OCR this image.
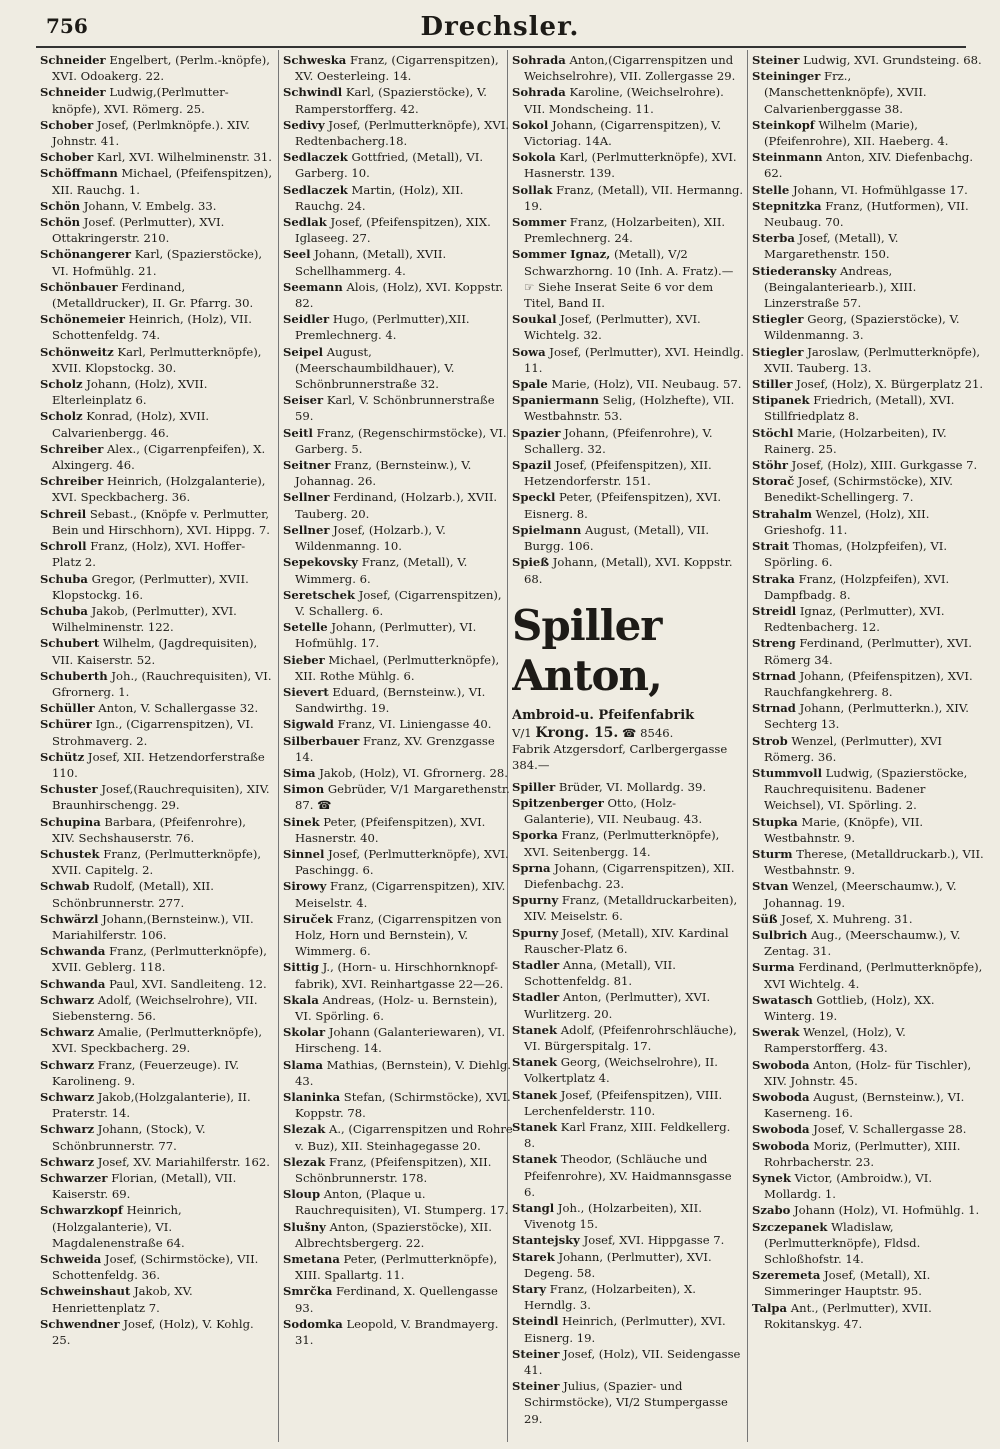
756	Drechsler.

Schneider Engelbert, (Perlm.-knöpfe), XVI. Odoakerg. 22.

Schneider Ludwig,(Perlmutter-knöpfe), XVI. Römerg. 25.

Schober Josef, (Perlmknöpfe.). XIV. Johnstr. 41.

Schober Karl, XVI. Wilhelminenstr. 31.

Schöffmann Michael, (Pfeifenspitzen), XII. Rauchg. 1.

Schön Johann, V. Embelg. 33.

Schön Josef. (Perlmutter), XVI. Ottakringerstr. 210.

Schönangerer Karl, (Spazierstöcke), VI. Hofmühlg. 21.

Schönbauer Ferdinand,(Metalldrucker), II. Gr. Pfarrg. 30.

Schönemeier Heinrich, (Holz), VII. Schottenfeldg. 74.

Schönweitz Karl, Perlmutterknöpfe), XVII. Klopstockg. 30.

Scholz Johann, (Holz), XVII. Elterleinplatz 6.

Scholz Konrad, (Holz), XVII. Calvarienbergg. 46.

Schreiber Alex., (Cigarrenpfeifen), X. Alxingerg. 46.

Schreiber Heinrich, (Holzgalanterie), XVI. Speckbacherg. 36.

Schreil Sebast., (Knöpfe v. Perlmutter, Bein und Hirschhorn), XVI. Hippg. 7.

Schroll Franz, (Holz), XVI. Hoffer-Platz 2.

Schuba Gregor, (Perlmutter), XVII. Klopstockg. 16.

Schuba Jakob, (Perlmutter), XVI. Wilhelminenstr. 122.

Schubert Wilhelm, (Jagdrequisiten), VII. Kaiserstr. 52.

Schuberth Joh., (Rauchrequisiten), VI. Gfrornerg. 1.

Schüller Anton, V. Schallergasse 32.

Schürer Ign., (Cigarrenspitzen), VI. Strohmaverg. 2.

Schütz Josef, XII. Hetzendorferstraße 110.

Schuster Josef,(Rauchrequisiten), XIV. Braunhirschengg. 29.

Schupina Barbara, (Pfeifenrohre), XIV. Sechshauserstr. 76.

Schustek Franz, (Perlmutterknöpfe), XVII. Capitelg. 2.

Schwab Rudolf, (Metall), XII. Schönbrunnerstr. 277.

Schwärzl Johann,(Bernsteinw.), VII. Mariahilferstr. 106.

Schwanda Franz, (Perlmutterknöpfe), XVII. Geblerg. 118.

Schwanda Paul, XVI. Sandleiteng. 12.

Schwarz Adolf, (Weichselrohre), VII. Siebensterng. 56.

Schwarz Amalie, (Perlmutterknöpfe), XVI. Speckbacherg. 29.

Schwarz Franz, (Feuerzeuge). IV. Karolineng. 9.

Schwarz Jakob,(Holzgalanterie), II. Praterstr. 14.

Schwarz Johann, (Stock), V. Schönbrunnerstr. 77.

Schwarz Josef, XV. Mariahilferstr. 162.

Schwarzer Florian, (Metall), VII. Kaiserstr. 69.

Schwarzkopf Heinrich, (Holzgalanterie), VI. Magdalenenstraße 64.

Schweida Josef, (Schirmstöcke), VII. Schottenfeldg. 36.

Schweinshaut Jakob, XV. Henriettenplatz 7.

Schwendner Josef, (Holz), V. Kohlg. 25.

Schweska Franz, (Cigarrenspitzen), XV. Oesterleing. 14.

Schwindl Karl, (Spazierstöcke), V. Ramperstorfferg. 42.

Sedivy Josef, (Perlmutterknöpfe), XVI. Redtenbacherg.18.

Sedlaczek Gottfried, (Metall), VI. Garberg. 10.

Sedlaczek Martin, (Holz), XII. Rauchg. 24.

Sedlak Josef, (Pfeifenspitzen), XIX. Iglaseeg. 27.

Seel Johann, (Metall), XVII. Schellhammerg. 4.

Seemann Alois, (Holz), XVI. Koppstr. 82.

Seidler Hugo, (Perlmutter),XII. Premlechnerg. 4.

Seipel August, (Meerschaumbildhauer), V. Schönbrunnerstraße 32.

Seiser Karl, V. Schönbrunnerstraße 59.

Seitl Franz, (Regenschirmstöcke), VI. Garberg. 5.

Seitner Franz, (Bernsteinw.), V. Johannag. 26.

Sellner Ferdinand, (Holzarb.), XVII. Tauberg. 20.

Sellner Josef, (Holzarb.), V. Wildenmanng. 10.

Sepekovsky Franz, (Metall), V. Wimmerg. 6.

Seretschek Josef, (Cigarrenspitzen), V. Schallerg. 6.

Setelle Johann, (Perlmutter), VI. Hofmühlg. 17.

Sieber Michael, (Perlmutterknöpfe), XII. Rothe Mühlg. 6.

Sievert Eduard, (Bernsteinw.), VI. Sandwirthg. 19.

Sigwald Franz, VI. Liniengasse 40.

Silberbauer Franz, XV. Grenzgasse 14.

Sima Jakob, (Holz), VI. Gfrornerg. 28.

Simon Gebrüder, V/1 Margarethenstr. 87. ☎

Sinek Peter, (Pfeifenspitzen), XVI. Hasnerstr. 40.

Sinnel Josef, (Perlmutterknöpfe), XVI. Paschingg. 6.

Sirowy Franz, (Cigarrenspitzen), XIV. Meiselstr. 4.

Siruček Franz, (Cigarrenspitzen von Holz, Horn und Bernstein), V. Wimmerg. 6.

Sittig J., (Horn- u. Hirschhornknopf-fabrik), XVI. Reinhartgasse 22—26.

Skala Andreas, (Holz- u. Bernstein), VI. Spörling. 6.

Skolar Johann (Galanteriewaren), VI. Hirscheng. 14.

Slama Mathias, (Bernstein), V. Diehlg. 43.

Slaninka Stefan, (Schirmstöcke), XVI. Koppstr. 78.

Slezak A., (Cigarrenspitzen und Rohre v. Buz), XII. Steinhagegasse 20.

Slezak Franz, (Pfeifenspitzen), XII. Schönbrunnerstr. 178.

Sloup Anton, (Plaque u. Rauchrequisiten), VI. Stumperg. 17.

Slušny Anton, (Spazierstöcke), XII. Albrechtsbergerg. 22.

Smetana Peter, (Perlmutterknöpfe), XIII. Spallartg. 11.

Smrčka Ferdinand, X. Quellengasse 93.

Sodomka Leopold, V. Brandmayerg. 31.

Sohrada Anton,(Cigarrenspitzen und Weichselrohre), VII. Zollergasse 29.

Sohrada Karoline, (Weichselrohre). VII. Mondscheing. 11.

Sokol Johann, (Cigarrenspitzen), V. Victoriag. 14A.

Sokola Karl, (Perlmutterknöpfe), XVI. Hasnerstr. 139.

Sollak Franz, (Metall), VII. Hermanng. 19.

Sommer Franz, (Holzarbeiten), XII. Premlechnerg. 24.

Sommer Ignaz, (Metall), V/2 Schwarzhorng. 10 (Inh. A. Fratz).— ☞ Siehe Inserat Seite 6 vor dem Titel, Band II.

Soukal Josef, (Perlmutter), XVI. Wichtelg. 32.

Sowa Josef, (Perlmutter), XVI. Heindlg. 11.

Spale Marie, (Holz), VII. Neubaug. 57.

Spaniermann Selig, (Holzhefte), VII. Westbahnstr. 53.

Spazier Johann, (Pfeifenrohre), V. Schallerg. 32.

Spazil Josef, (Pfeifenspitzen), XII. Hetzendorferstr. 151.

Speckl Peter, (Pfeifenspitzen), XVI. Eisnerg. 8.

Spielmann August, (Metall), VII. Burgg. 106.

Spieß Johann, (Metall), XVI. Koppstr. 68.

Spiller Anton,
Ambroid-u. Pfeifenfabrik
V/1 Krong. 15. ☎ 8546.
Fabrik Atzgersdorf, Carlbergergasse 384.—

Spiller Brüder, VI. Mollardg. 39.

Spitzenberger Otto, (Holz-Galanterie), VII. Neubaug. 43.

Sporka Franz, (Perlmutterknöpfe), XVI. Seitenbergg. 14.

Sprna Johann, (Cigarrenspitzen), XII. Diefenbachg. 23.

Spurny Franz, (Metalldruckarbeiten), XIV. Meiselstr. 6.

Spurny Josef, (Metall), XIV. Kardinal Rauscher-Platz 6.

Stadler Anna, (Metall), VII. Schottenfeldg. 81.

Stadler Anton, (Perlmutter), XVI. Wurlitzerg. 20.

Stanek Adolf, (Pfeifenrohrschläuche), VI. Bürgerspitalg. 17.

Stanek Georg, (Weichselrohre), II. Volkertplatz 4.

Stanek Josef, (Pfeifenspitzen), VIII. Lerchenfelderstr. 110.

Stanek Karl Franz, XIII. Feldkellerg. 8.

Stanek Theodor, (Schläuche und Pfeifenrohre), XV. Haidmannsgasse 6.

Stangl Joh., (Holzarbeiten), XII. Vivenotg 15.

Stantejsky Josef, XVI. Hippgasse 7.

Starek Johann, (Perlmutter), XVI. Degeng. 58.

Stary Franz, (Holzarbeiten), X. Herndlg. 3.

Steindl Heinrich, (Perlmutter), XVI. Eisnerg. 19.

Steiner Josef, (Holz), VII. Seidengasse 41.

Steiner Julius, (Spazier- und Schirmstöcke), VI/2 Stumpergasse 29.

Steiner Ludwig, XVI. Grundsteing. 68.

Steininger Frz., (Manschettenknöpfe), XVII. Calvarienberggasse 38.

Steinkopf Wilhelm (Marie), (Pfeifenrohre), XII. Haeberg. 4.

Steinmann Anton, XIV. Diefenbachg. 62.

Stelle Johann, VI. Hofmühlgasse 17.

Stepnitzka Franz, (Hutformen), VII. Neubaug. 70.

Sterba Josef, (Metall), V. Margarethenstr. 150.

Stiederansky Andreas, (Beingalanteriearb.), XIII. Linzerstraße 57.

Stiegler Georg, (Spazierstöcke), V. Wildenmanng. 3.

Stiegler Jaroslaw, (Perlmutterknöpfe), XVII. Tauberg. 13.

Stiller Josef, (Holz), X. Bürgerplatz 21.

Stipanek Friedrich, (Metall), XVI. Stillfriedplatz 8.

Stöchl Marie, (Holzarbeiten), IV. Rainerg. 25.

Stöhr Josef, (Holz), XIII. Gurkgasse 7.

Storač Josef, (Schirmstöcke), XIV. Benedikt-Schellingerg. 7.

Strahalm Wenzel, (Holz), XII. Grieshofg. 11.

Strait Thomas, (Holzpfeifen), VI. Spörling. 6.

Straka Franz, (Holzpfeifen), XVI. Dampfbadg. 8.

Streidl Ignaz, (Perlmutter), XVI. Redtenbacherg. 12.

Streng Ferdinand, (Perlmutter), XVI. Römerg 34.

Strnad Johann, (Pfeifenspitzen), XVI. Rauchfangkehrerg. 8.

Strnad Johann, (Perlmutterkn.), XIV. Sechterg 13.

Strob Wenzel, (Perlmutter), XVI Römerg. 36.

Stummvoll Ludwig, (Spazierstöcke, Rauchrequisitenu. Badener Weichsel), VI. Spörling. 2.

Stupka Marie, (Knöpfe), VII. Westbahnstr. 9.

Sturm Therese, (Metalldruckarb.), VII. Westbahnstr. 9.

Stvan Wenzel, (Meerschaumw.), V. Johannag. 19.

Süß Josef, X. Muhreng. 31.

Sulbrich Aug., (Meerschaumw.), V. Zentag. 31.

Surma Ferdinand, (Perlmutterknöpfe), XVI Wichtelg. 4.

Swatasch Gottlieb, (Holz), XX. Winterg. 19.

Swerak Wenzel, (Holz), V. Ramperstorfferg. 43.

Swoboda Anton, (Holz- für Tischler), XIV. Johnstr. 45.

Swoboda August, (Bernsteinw.), VI. Kaserneng. 16.

Swoboda Josef, V. Schallergasse 28.

Swoboda Moriz, (Perlmutter), XIII. Rohrbacherstr. 23.

Synek Victor, (Ambroidw.), VI. Mollardg. 1.

Szabo Johann (Holz), VI. Hofmühlg. 1.

Szczepanek Wladislaw, (Perlmutterknöpfe), Fldsd. Schloßhofstr. 14.

Szeremeta Josef, (Metall), XI. Simmeringer Hauptstr. 95.

Talpa Ant., (Perlmutter), XVII. Rokitanskyg. 47.
